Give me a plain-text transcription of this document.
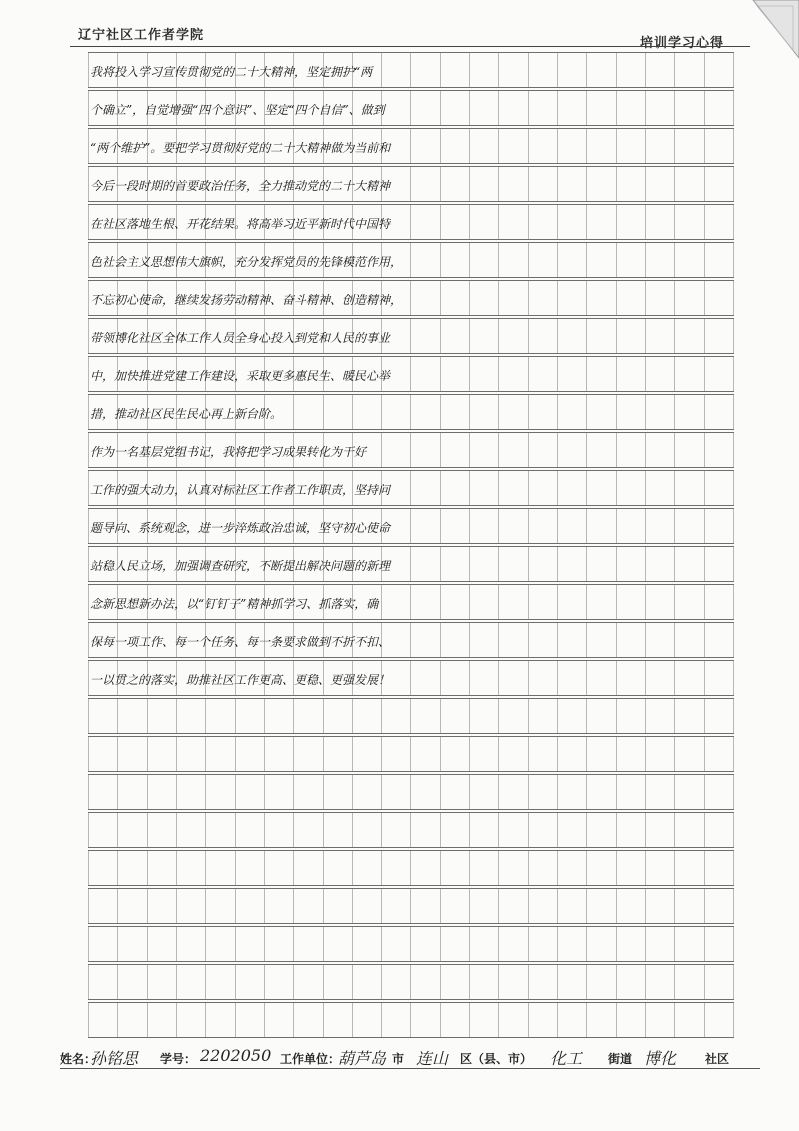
辽宁社区工作者学院
培训学习心得
我将投入学习宣传贯彻党的二十大精神，坚定拥护“两
个确立”，自觉增强“四个意识”、坚定“四个自信”、做到
“两个维护”。要把学习贯彻好党的二十大精神做为当前和
今后一段时期的首要政治任务，全力推动党的二十大精神
在社区落地生根、开花结果。将高举习近平新时代中国特
色社会主义思想伟大旗帜，充分发挥党员的先锋模范作用，
不忘初心使命，继续发扬劳动精神、奋斗精神、创造精神，
带领博化社区全体工作人员全身心投入到党和人民的事业
中，加快推进党建工作建设，采取更多惠民生、暖民心举
措，推动社区民生民心再上新台阶。
作为一名基层党组书记，我将把学习成果转化为干好
工作的强大动力，认真对标社区工作者工作职责，坚持问
题导向、系统观念，进一步淬炼政治忠诚，坚守初心使命
站稳人民立场，加强调查研究，不断提出解决问题的新理
念新思想新办法，以“钉钉子”精神抓学习、抓落实，确
保每一项工作、每一个任务、每一条要求做到不折不扣、
一以贯之的落实，助推社区工作更高、更稳、更强发展！
姓名：
孙铭思 学号： 2202050 工作单位：
葫芦岛 市 连山 区（县、市） 化工 街道 博化 社区
